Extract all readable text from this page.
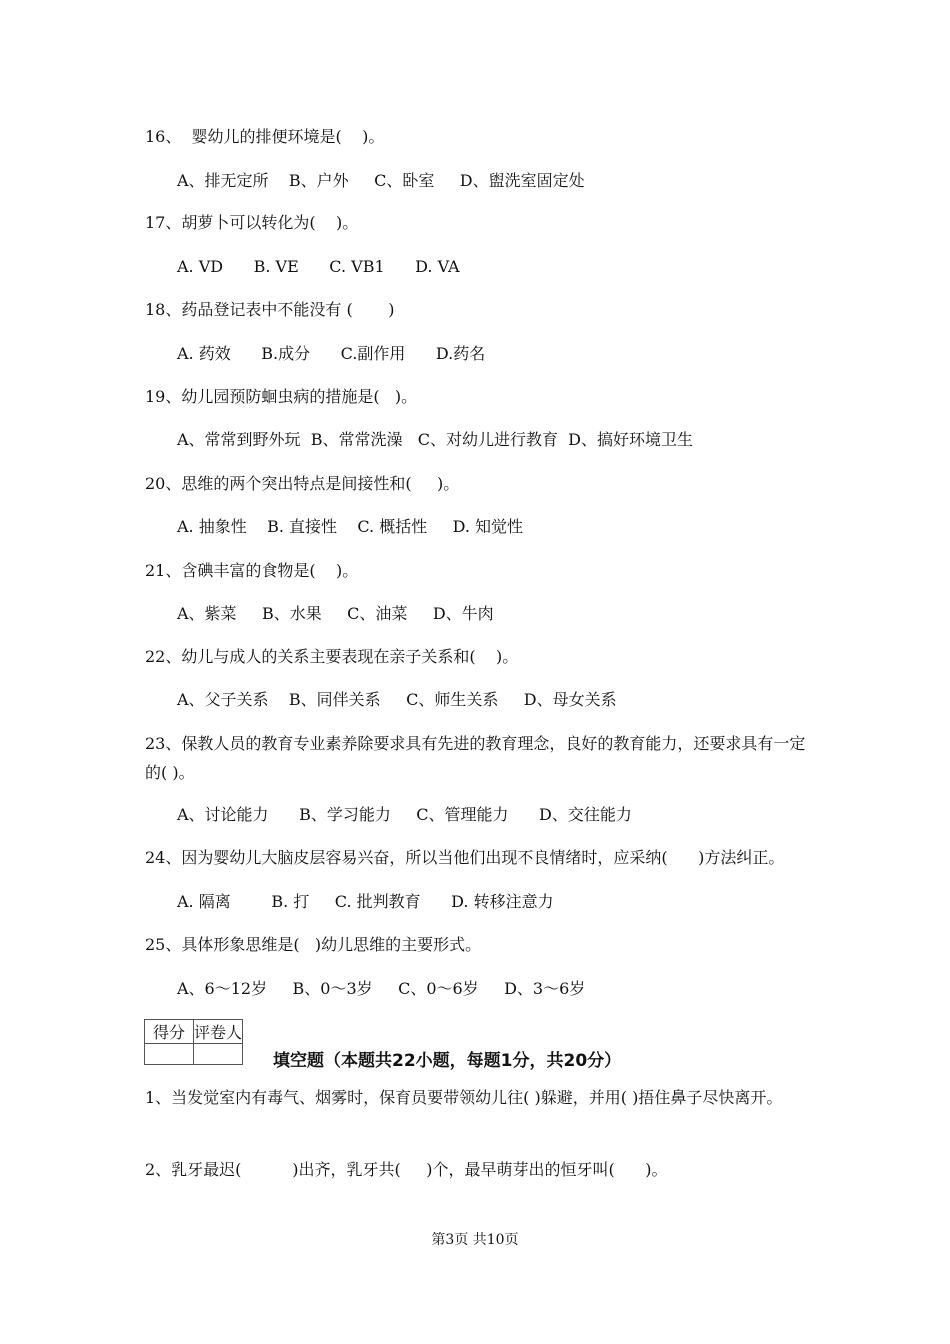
16、  婴幼儿的排便环境是(    )。
A、排无定所    B、户外     C、卧室     D、盥洗室固定处
17、胡萝卜可以转化为(    )。
A. VD      B. VE      C. VB1      D. VA
18、药品登记表中不能没有 (       )
A. 药效      B.成分      C.副作用      D.药名
19、幼儿园预防蛔虫病的措施是(   )。
A、常常到野外玩  B、常常洗澡   C、对幼儿进行教育  D、搞好环境卫生
20、思维的两个突出特点是间接性和(     )。
A. 抽象性    B. 直接性    C. 概括性     D. 知觉性
21、含碘丰富的食物是(    )。
A、紫菜     B、水果     C、油菜     D、牛肉
22、幼儿与成人的关系主要表现在亲子关系和(    )。
A、父子关系    B、同伴关系     C、师生关系     D、母女关系
23、保教人员的教育专业素养除要求具有先进的教育理念，良好的教育能力，还要求具有一定的( )。
A、讨论能力      B、学习能力     C、管理能力      D、交往能力
24、因为婴幼儿大脑皮层容易兴奋，所以当他们出现不良情绪时，应采纳(      )方法纠正。
A. 隔离        B. 打     C. 批判教育      D. 转移注意力
25、具体形象思维是(   )幼儿思维的主要形式。
A、6～12岁     B、0～3岁     C、0～6岁     D、3～6岁
得分	评卷人

填空题（本题共22小题，每题1分，共20分）
1、当发觉室内有毒气、烟雾时，保育员要带领幼儿往( )躲避，并用( )捂住鼻子尽快离开。
2、乳牙最迟(          )出齐，乳牙共(     )个，最早萌芽出的恒牙叫(      )。
第3页 共10页
